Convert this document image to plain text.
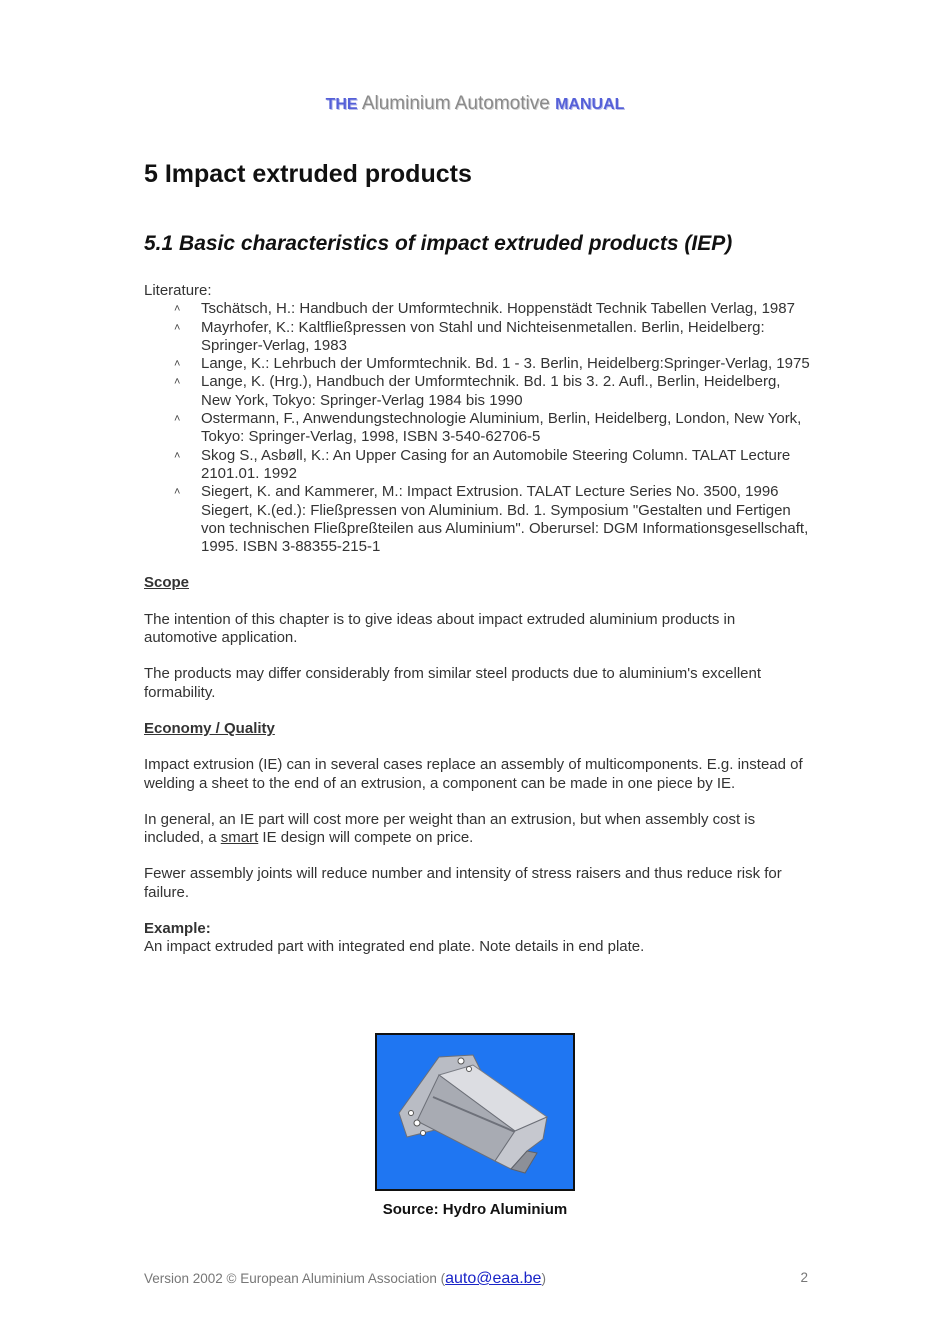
THE Aluminium Automotive MANUAL
5 Impact extruded products
5.1 Basic characteristics of impact extruded products (IEP)

Literature:

˄ Tschätsch, H.: Handbuch der Umformtechnik. Hoppenstädt Technik Tabellen Verlag, 1987
˄ Mayrhofer, K.: Kaltfließpressen von Stahl und Nichteisenmetallen. Berlin, Heidelberg: Springer-Verlag, 1983
˄ Lange, K.: Lehrbuch der Umformtechnik. Bd. 1 - 3. Berlin, Heidelberg:Springer-Verlag, 1975
˄ Lange, K. (Hrg.), Handbuch der Umformtechnik. Bd. 1 bis 3. 2. Aufl., Berlin, Heidelberg, New York, Tokyo: Springer-Verlag 1984 bis 1990
˄ Ostermann, F., Anwendungstechnologie Aluminium, Berlin, Heidelberg, London, New York, Tokyo: Springer-Verlag, 1998, ISBN 3-540-62706-5
˄ Skog S., Asbøll, K.: An Upper Casing for an Automobile Steering Column. TALAT Lecture 2101.01. 1992
˄ Siegert, K. and Kammerer, M.: Impact Extrusion. TALAT Lecture Series No. 3500, 1996 Siegert, K.(ed.): Fließpressen von Aluminium. Bd. 1. Symposium "Gestalten und Fertigen von technischen Fließpreßteilen aus Aluminium". Oberursel: DGM Informationsgesellschaft, 1995. ISBN 3-88355-215-1

Scope

The intention of this chapter is to give ideas about impact extruded aluminium products in automotive application.

The products may differ considerably from similar steel products due to aluminium's excellent formability.

Economy / Quality

Impact extrusion (IE) can in several cases replace an assembly of multicomponents. E.g. instead of welding a sheet to the end of an extrusion, a component can be made in one piece by IE.

In general, an IE part will cost more per weight than an extrusion, but when assembly cost is included, a smart IE design will compete on price.

Fewer assembly joints will reduce number and intensity of stress raisers and thus reduce risk for failure.

Example:

An impact extruded part with integrated end plate. Note details in end plate.

Source: Hydro Aluminium
Version 2002 © European Aluminium Association (auto@eaa.be)	2
